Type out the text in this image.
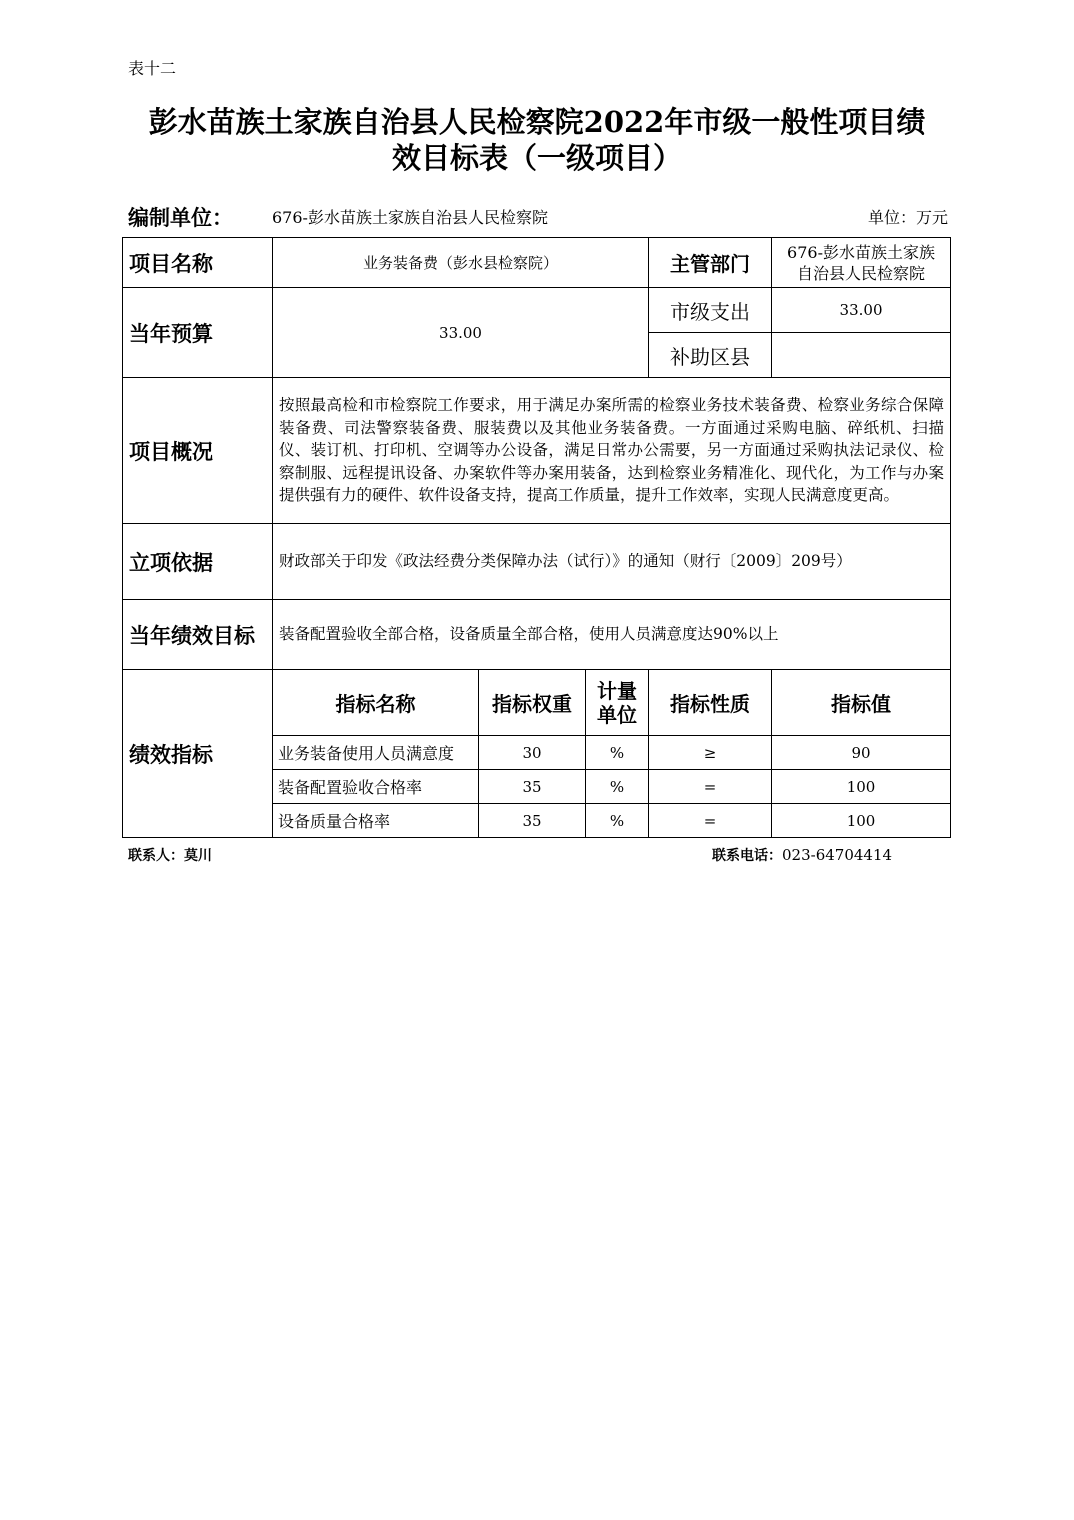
表十二
彭水苗族土家族自治县人民检察院2022年市级一般性项目绩
效目标表（一级项目）
编制单位： 676-彭水苗族土家族自治县人民检察院	单位：万元
项目名称	业务装备费（彭水县检察院）			主管部门	676-彭水苗族土家族自治县人民检察院
当年预算	33.00			市级支出	33.00
				补助区县	
项目概况	按照最高检和市检察院工作要求，用于满足办案所需的检察业务技术装备费、检察业务综合保障装备费、司法警察装备费、服装费以及其他业务装备费。一方面通过采购电脑、碎纸机、扫描仪、装订机、打印机、空调等办公设备，满足日常办公需要，另一方面通过采购执法记录仪、检察制服、远程提讯设备、办案软件等办案用装备，达到检察业务精准化、现代化，为工作与办案提供强有力的硬件、软件设备支持，提高工作质量，提升工作效率，实现人民满意度更高。				
立项依据	财政部关于印发《政法经费分类保障办法（试行）》的通知（财行〔2009〕209号）				
当年绩效目标	装备配置验收全部合格，设备质量全部合格，使用人员满意度达90%以上				
绩效指标	指标名称	指标权重	计量单位	指标性质	指标值
	业务装备使用人员满意度	30	%	≥	90
	装备配置验收合格率	35	%	=	100
	设备质量合格率	35	%	=	100
联系人：莫川	联系电话：023-64704414
